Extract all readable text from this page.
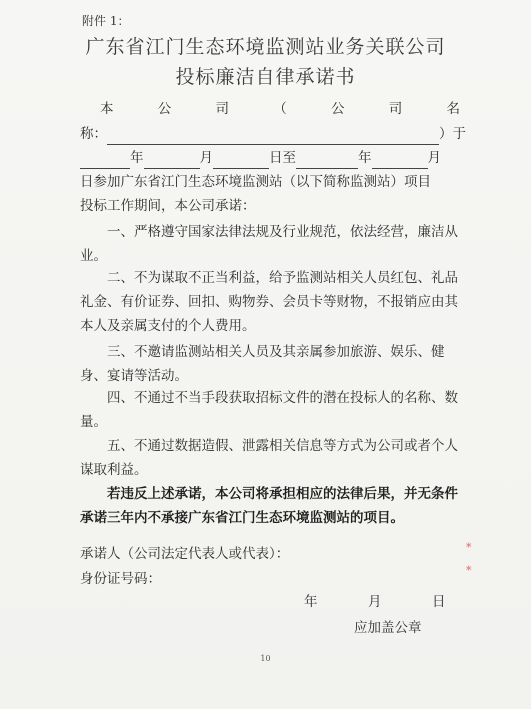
附件 1：
广东省江门生态环境监测站业务关联公司
投标廉洁自律承诺书
本	公	司	（	公	司	名
称：	）于
年	月	日至	年	月
日参加广东省江门生态环境监测站（以下简称监测站）项目
投标工作期间，本公司承诺：
一、严格遵守国家法律法规及行业规范，依法经营，廉洁从业。
二、不为谋取不正当利益，给予监测站相关人员红包、礼品礼金、有价证券、回扣、购物券、会员卡等财物，不报销应由其本人及亲属支付的个人费用。
三、不邀请监测站相关人员及其亲属参加旅游、娱乐、健身、宴请等活动。
四、不通过不当手段获取招标文件的潜在投标人的名称、数量。
五、不通过数据造假、泄露相关信息等方式为公司或者个人谋取利益。
若违反上述承诺，本公司将承担相应的法律后果，并无条件承诺三年内不承接广东省江门生态环境监测站的项目。
承诺人（公司法定代表人或代表）：
身份证号码：
年	月	日
应加盖公章
*
*
10
